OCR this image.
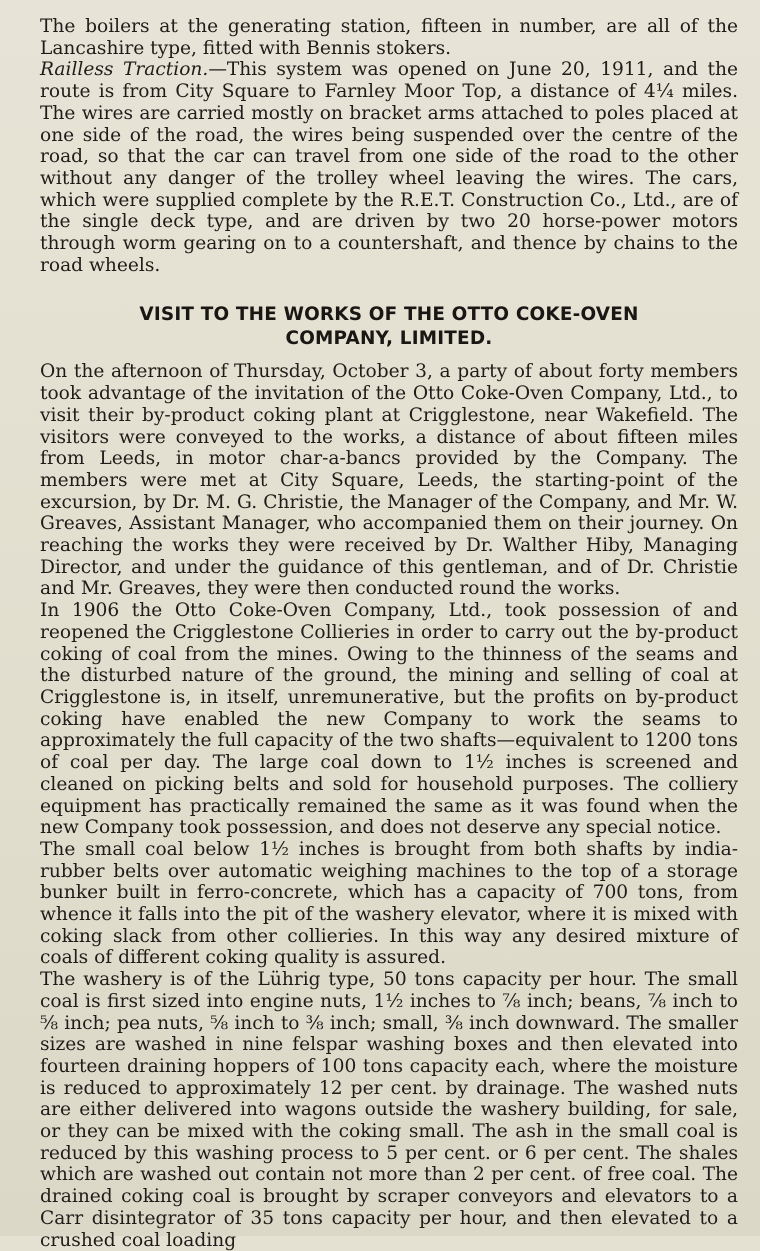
The boilers at the generating station, fifteen in number, are all of the Lancashire type, fitted with Bennis stokers.

Railless Traction.—This system was opened on June 20, 1911, and the route is from City Square to Farnley Moor Top, a distance of 4¼ miles. The wires are carried mostly on bracket arms attached to poles placed at one side of the road, the wires being suspended over the centre of the road, so that the car can travel from one side of the road to the other without any danger of the trolley wheel leaving the wires. The cars, which were supplied complete by the R.E.T. Construction Co., Ltd., are of the single deck type, and are driven by two 20 horse-power motors through worm gearing on to a countershaft, and thence by chains to the road wheels.

VISIT TO THE WORKS OF THE OTTO COKE-OVEN
COMPANY, LIMITED.

On the afternoon of Thursday, October 3, a party of about forty members took advantage of the invitation of the Otto Coke-Oven Company, Ltd., to visit their by-product coking plant at Crigglestone, near Wakefield. The visitors were conveyed to the works, a distance of about fifteen miles from Leeds, in motor char-a-bancs provided by the Company. The members were met at City Square, Leeds, the starting-point of the excursion, by Dr. M. G. Christie, the Manager of the Company, and Mr. W. Greaves, Assistant Manager, who accompanied them on their journey. On reaching the works they were received by Dr. Walther Hiby, Managing Director, and under the guidance of this gentleman, and of Dr. Christie and Mr. Greaves, they were then conducted round the works.

In 1906 the Otto Coke-Oven Company, Ltd., took possession of and reopened the Crigglestone Collieries in order to carry out the by-product coking of coal from the mines. Owing to the thinness of the seams and the disturbed nature of the ground, the mining and selling of coal at Crigglestone is, in itself, unremunerative, but the profits on by-product coking have enabled the new Company to work the seams to approximately the full capacity of the two shafts—equivalent to 1200 tons of coal per day. The large coal down to 1½ inches is screened and cleaned on picking belts and sold for household purposes. The colliery equipment has practically remained the same as it was found when the new Company took possession, and does not deserve any special notice.

The small coal below 1½ inches is brought from both shafts by india-rubber belts over automatic weighing machines to the top of a storage bunker built in ferro-concrete, which has a capacity of 700 tons, from whence it falls into the pit of the washery elevator, where it is mixed with coking slack from other collieries. In this way any desired mixture of coals of different coking quality is assured.

The washery is of the Lührig type, 50 tons capacity per hour. The small coal is first sized into engine nuts, 1½ inches to ⅞ inch; beans, ⅞ inch to ⅝ inch; pea nuts, ⅝ inch to ⅜ inch; small, ⅜ inch downward. The smaller sizes are washed in nine felspar washing boxes and then elevated into fourteen draining hoppers of 100 tons capacity each, where the moisture is reduced to approximately 12 per cent. by drainage. The washed nuts are either delivered into wagons outside the washery building, for sale, or they can be mixed with the coking small. The ash in the small coal is reduced by this washing process to 5 per cent. or 6 per cent. The shales which are washed out contain not more than 2 per cent. of free coal. The drained coking coal is brought by scraper conveyors and elevators to a Carr disintegrator of 35 tons capacity per hour, and then elevated to a crushed coal loading
